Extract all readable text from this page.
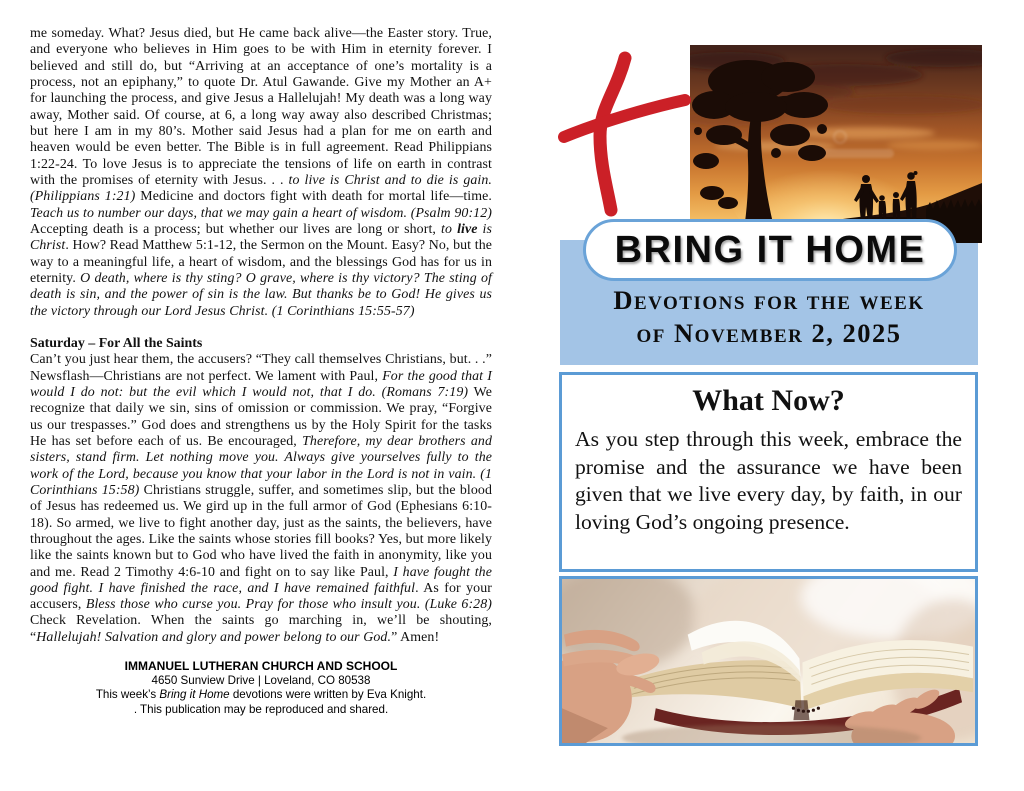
me someday. What? Jesus died, but He came back alive—the Easter story. True, and everyone who believes in Him goes to be with Him in eternity forever. I believed and still do, but “Arriving at an acceptance of one’s mortality is a process, not an epiphany,” to quote Dr. Atul Gawande. Give my Mother an A+ for launching the process, and give Jesus a Hallelujah! My death was a long way away, Mother said. Of course, at 6, a long way away also described Christmas; but here I am in my 80’s. Mother said Jesus had a plan for me on earth and heaven would be even better. The Bible is in full agreement. Read Philippians 1:22-24. To love Jesus is to appreciate the tensions of life on earth in contrast with the promises of eternity with Jesus. . . to live is Christ and to die is gain. (Philippians 1:21) Medicine and doctors fight with death for mortal life—time. Teach us to number our days, that we may gain a heart of wisdom. (Psalm 90:12) Accepting death is a process; but whether our lives are long or short, to live is Christ. How? Read Matthew 5:1-12, the Sermon on the Mount. Easy? No, but the way to a meaningful life, a heart of wisdom, and the blessings God has for us in eternity. O death, where is thy sting? O grave, where is thy victory? The sting of death is sin, and the power of sin is the law. But thanks be to God! He gives us the victory through our Lord Jesus Christ. (1 Corinthians 15:55-57)

Saturday – For All the Saints

Can’t you just hear them, the accusers? “They call themselves Christians, but. . .” Newsflash—Christians are not perfect. We lament with Paul, For the good that I would I do not: but the evil which I would not, that I do. (Romans 7:19) We recognize that daily we sin, sins of omission or commission. We pray, “Forgive us our trespasses.” God does and strengthens us by the Holy Spirit for the tasks He has set before each of us. Be encouraged, Therefore, my dear brothers and sisters, stand firm. Let nothing move you. Always give yourselves fully to the work of the Lord, because you know that your labor in the Lord is not in vain. (1 Corinthians 15:58) Christians struggle, suffer, and sometimes slip, but the blood of Jesus has redeemed us. We gird up in the full armor of God (Ephesians 6:10-18). So armed, we live to fight another day, just as the saints, the believers, have throughout the ages. Like the saints whose stories fill books? Yes, but more likely like the saints known but to God who have lived the faith in anonymity, like you and me. Read 2 Timothy 4:6-10 and fight on to say like Paul, I have fought the good fight. I have finished the race, and I have remained faithful. As for your accusers, Bless those who curse you. Pray for those who insult you. (Luke 6:28) Check Revelation. When the saints go marching in, we’ll be shouting, “Hallelujah! Salvation and glory and power belong to our God.” Amen!

IMMANUEL LUTHERAN CHURCH AND SCHOOL
4650 Sunview Drive | Loveland, CO 80538
This week’s Bring it Home devotions were written by Eva Knight.
. This publication may be reproduced and shared.
BRING IT HOME
Devotions for the week
of November 2, 2025
What Now?

As you step through this week, embrace the promise and the assurance we have been given that we live every day, by faith, in our loving God’s ongoing presence.
